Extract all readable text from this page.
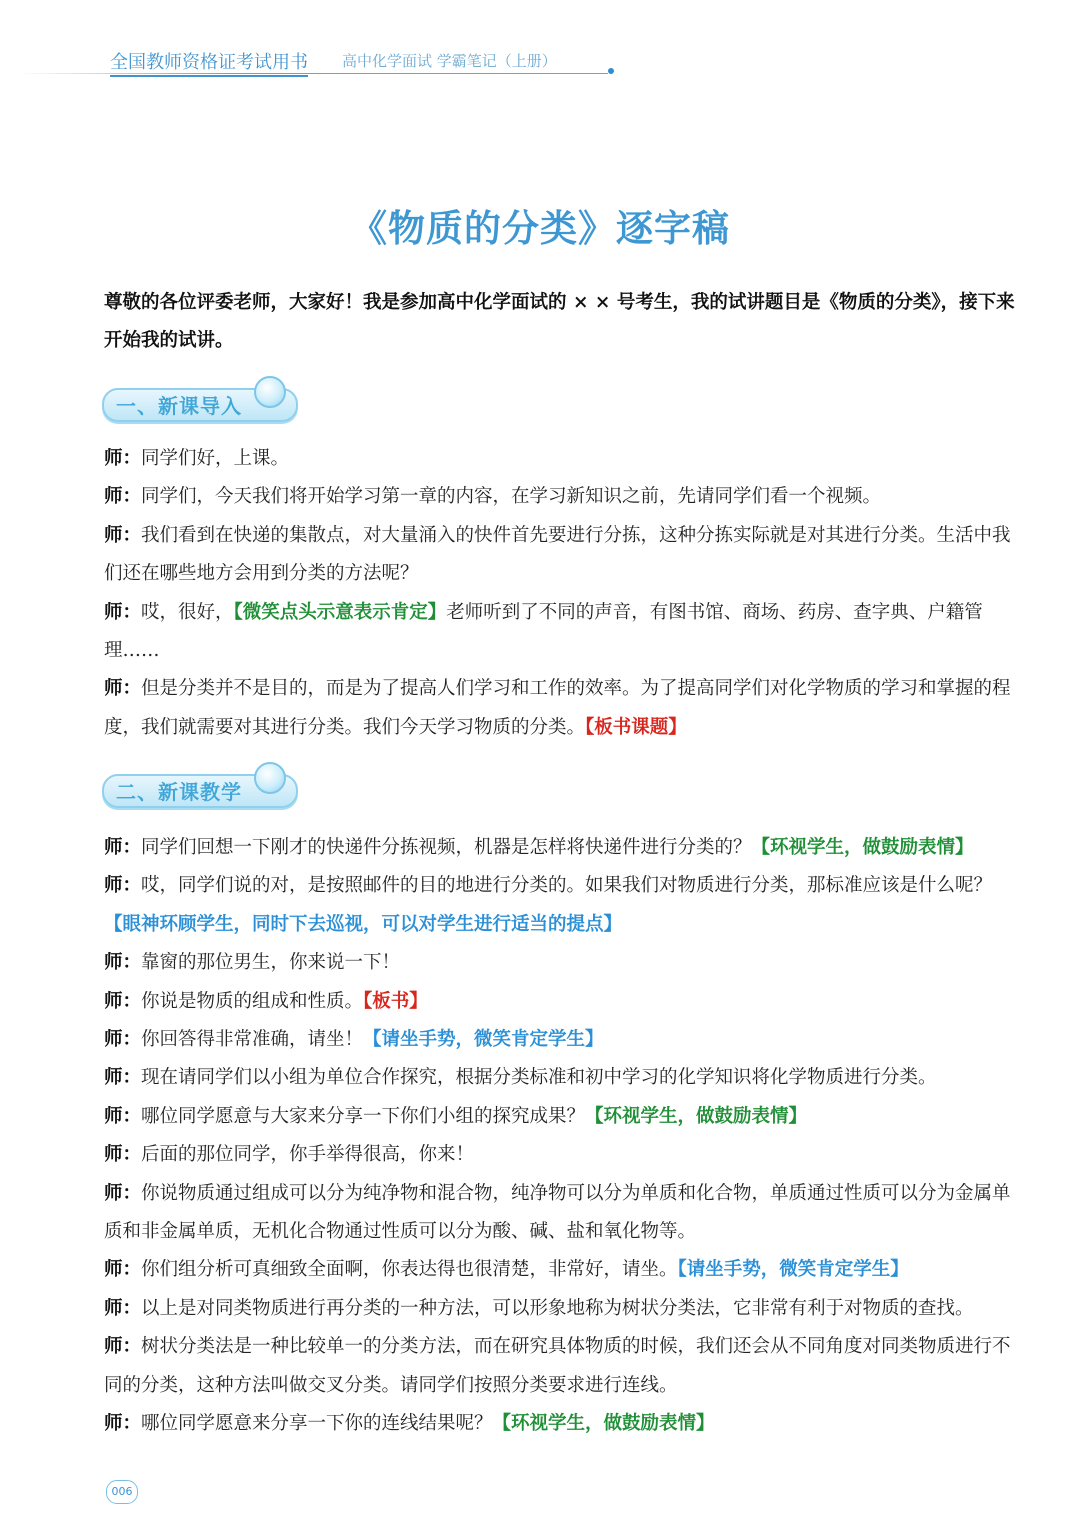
全国教师资格证考试用书 高中化学面试 学霸笔记（上册）
《物质的分类》逐字稿
尊敬的各位评委老师，大家好！我是参加高中化学面试的 × × 号考生，我的试讲题目是《物质的分类》，接下来开始我的试讲。
一、新课导入

师：同学们好，上课。

师：同学们，今天我们将开始学习第一章的内容，在学习新知识之前，先请同学们看一个视频。

师：我们看到在快递的集散点，对大量涌入的快件首先要进行分拣，这种分拣实际就是对其进行分类。生活中我们还在哪些地方会用到分类的方法呢？

师：哎，很好，【微笑点头示意表示肯定】老师听到了不同的声音，有图书馆、商场、药房、查字典、户籍管理……

师：但是分类并不是目的，而是为了提高人们学习和工作的效率。为了提高同学们对化学物质的学习和掌握的程度，我们就需要对其进行分类。我们今天学习物质的分类。【板书课题】

二、新课教学

师：同学们回想一下刚才的快递件分拣视频，机器是怎样将快递件进行分类的？【环视学生，做鼓励表情】

师：哎，同学们说的对，是按照邮件的目的地进行分类的。如果我们对物质进行分类，那标准应该是什么呢？【眼神环顾学生，同时下去巡视，可以对学生进行适当的提点】

师：靠窗的那位男生，你来说一下！

师：你说是物质的组成和性质。【板书】

师：你回答得非常准确，请坐！【请坐手势，微笑肯定学生】

师：现在请同学们以小组为单位合作探究，根据分类标准和初中学习的化学知识将化学物质进行分类。

师：哪位同学愿意与大家来分享一下你们小组的探究成果？【环视学生，做鼓励表情】

师：后面的那位同学，你手举得很高，你来！

师：你说物质通过组成可以分为纯净物和混合物，纯净物可以分为单质和化合物，单质通过性质可以分为金属单质和非金属单质，无机化合物通过性质可以分为酸、碱、盐和氧化物等。

师：你们组分析可真细致全面啊，你表达得也很清楚，非常好，请坐。【请坐手势，微笑肯定学生】

师：以上是对同类物质进行再分类的一种方法，可以形象地称为树状分类法，它非常有利于对物质的查找。

师：树状分类法是一种比较单一的分类方法，而在研究具体物质的时候，我们还会从不同角度对同类物质进行不同的分类，这种方法叫做交叉分类。请同学们按照分类要求进行连线。

师：哪位同学愿意来分享一下你的连线结果呢？【环视学生，做鼓励表情】

006
